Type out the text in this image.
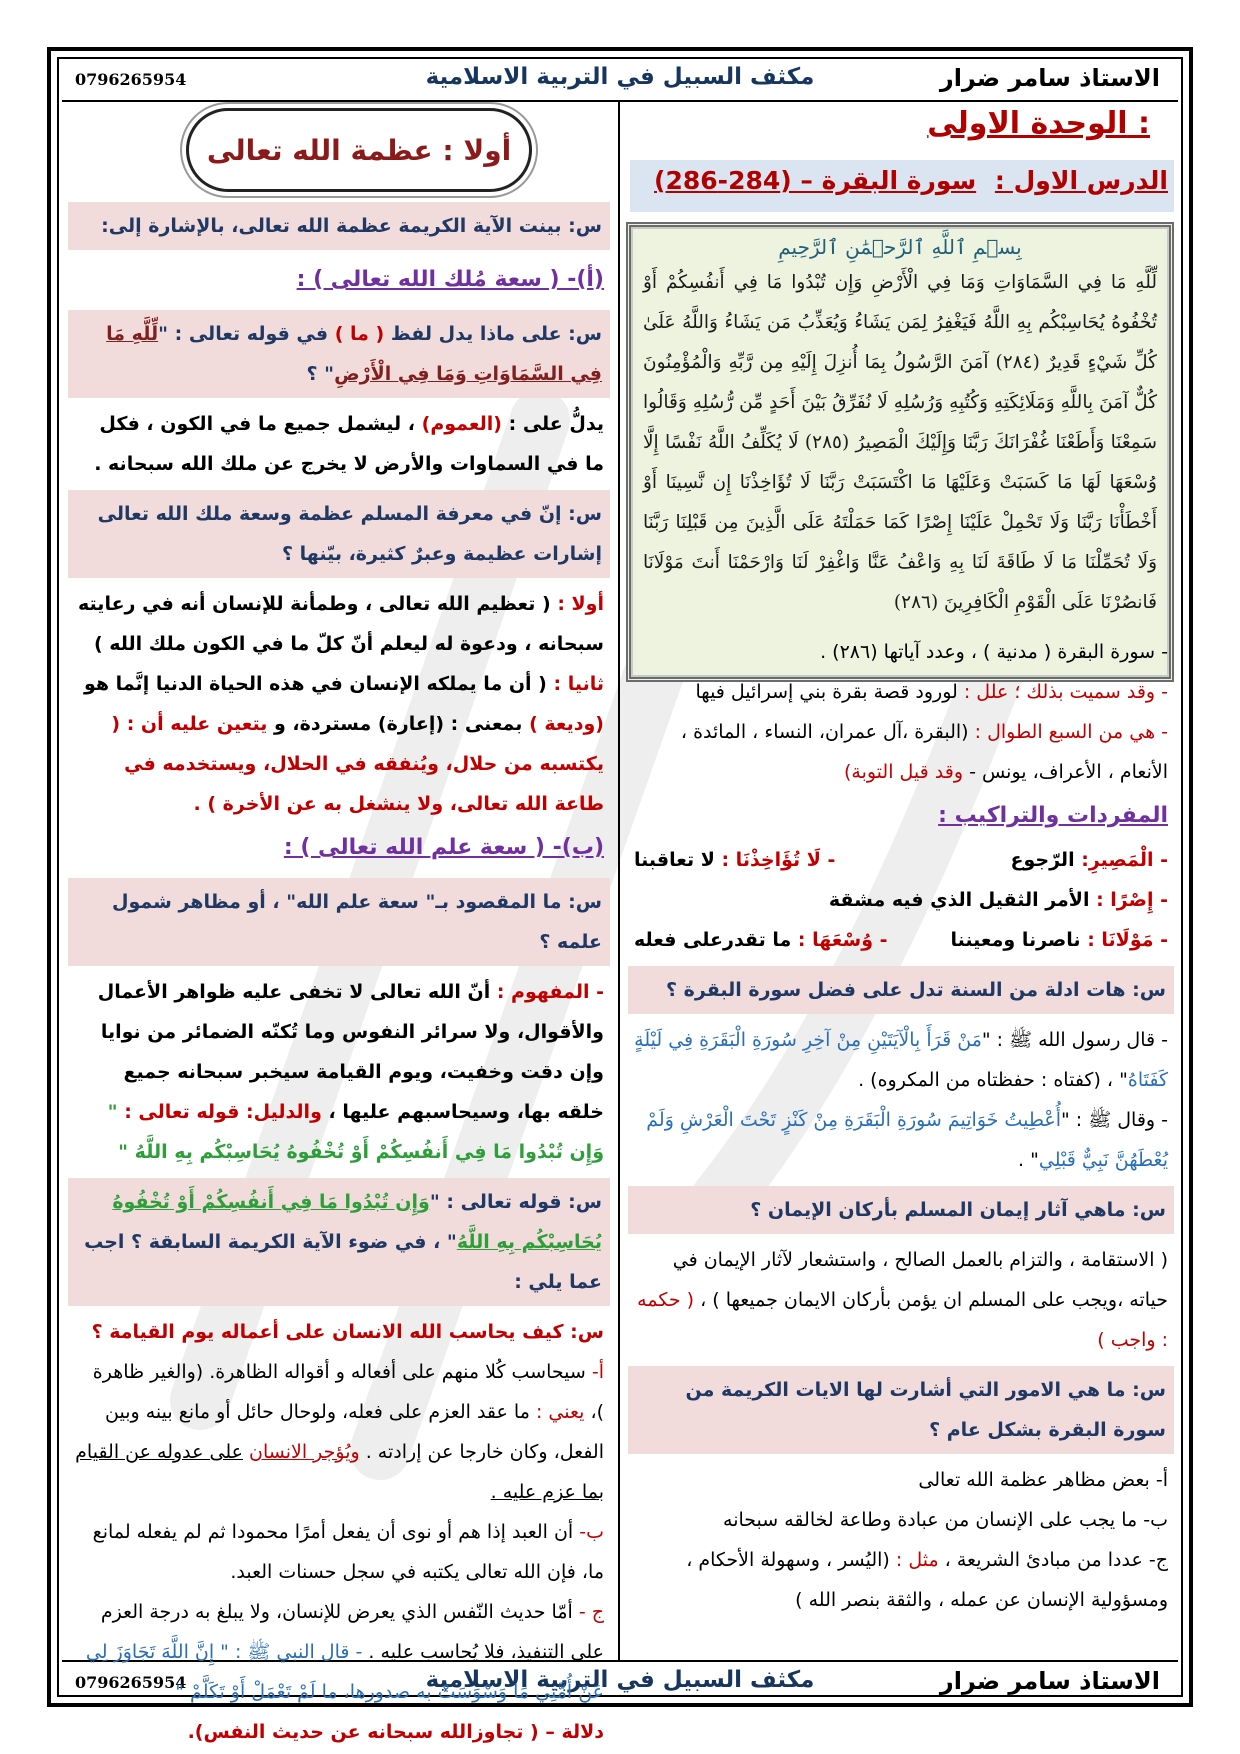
0796265954	مكثف السبيل في التربية الاسلامية	الاستاذ سامر ضرار
0796265954	مكثف السبيل في التربية الاسلامية	الاستاذ سامر ضرار
الوحدة الاولى :
الدرس الاول : سورة البقرة – (284-286)
بِسۡمِ ٱللَّهِ ٱلرَّحۡمَٰنِ ٱلرَّحِيمِ
لِّلَّهِ مَا فِي السَّمَاوَاتِ وَمَا فِي الْأَرْضِ وَإِن تُبْدُوا مَا فِي أَنفُسِكُمْ أَوْ تُخْفُوهُ يُحَاسِبْكُم بِهِ اللَّهُ فَيَغْفِرُ لِمَن يَشَاءُ وَيُعَذِّبُ مَن يَشَاءُ وَاللَّهُ عَلَىٰ كُلِّ شَيْءٍ قَدِيرٌ (٢٨٤) آمَنَ الرَّسُولُ بِمَا أُنزِلَ إِلَيْهِ مِن رَّبِّهِ وَالْمُؤْمِنُونَ كُلٌّ آمَنَ بِاللَّهِ وَمَلَائِكَتِهِ وَكُتُبِهِ وَرُسُلِهِ لَا نُفَرِّقُ بَيْنَ أَحَدٍ مِّن رُّسُلِهِ وَقَالُوا سَمِعْنَا وَأَطَعْنَا غُفْرَانَكَ رَبَّنَا وَإِلَيْكَ الْمَصِيرُ (٢٨٥) لَا يُكَلِّفُ اللَّهُ نَفْسًا إِلَّا وُسْعَهَا لَهَا مَا كَسَبَتْ وَعَلَيْهَا مَا اكْتَسَبَتْ رَبَّنَا لَا تُؤَاخِذْنَا إِن نَّسِينَا أَوْ أَخْطَأْنَا رَبَّنَا وَلَا تَحْمِلْ عَلَيْنَا إِصْرًا كَمَا حَمَلْتَهُ عَلَى الَّذِينَ مِن قَبْلِنَا رَبَّنَا وَلَا تُحَمِّلْنَا مَا لَا طَاقَةَ لَنَا بِهِ وَاعْفُ عَنَّا وَاغْفِرْ لَنَا وَارْحَمْنَا أَنتَ مَوْلَانَا فَانصُرْنَا عَلَى الْقَوْمِ الْكَافِرِينَ (٢٨٦)
- سورة البقرة ( مدنية ) ، وعدد آياتها (٢٨٦) .
- وقد سميت بذلك ؛ علل : لورود قصة بقرة بني إسرائيل فيها
- هي من السبع الطوال : (البقرة ،آل عمران، النساء ، المائدة ، الأنعام ، الأعراف، يونس - وقد قيل التوبة)
المفردات والتراكيب :
- الْمَصِيرِ: الرّجوع
- لَا تُؤَاخِذْنَا : لا تعاقبنا
- إِصْرًا : الأمر الثقيل الذي فيه مشقة
- مَوْلَانَا : ناصرنا ومعيننا
- وُسْعَهَا : ما تقدرعلى فعله
س: هات ادلة من السنة تدل على فضل سورة البقرة ؟
- قال رسول الله ﷺ : "مَنْ قَرَأَ بِالْآيَتَيْنِ مِنْ آخِرِ سُورَةِ الْبَقَرَةِ فِي لَيْلَةٍ كَفَتَاهُ" ، (كفتاه : حفظتاه من المكروه) .
- وقال ﷺ : "أُعْطِيتُ خَوَاتِيمَ سُورَةِ الْبَقَرَةِ مِنْ كَنْزٍ تَحْتَ الْعَرْشِ وَلَمْ يُعْطَهُنَّ نَبِيٌّ قَبْلِي" .
س: ماهي آثار إيمان المسلم بأركان الإيمان ؟
( الاستقامة ، والتزام بالعمل الصالح ، واستشعار لآثار الإيمان في حياته ،ويجب على المسلم ان يؤمن بأركان الايمان جميعها ) ، ( حكمه : واجب )
س: ما هي الامور التي أشارت لها الايات الكريمة من سورة البقرة بشكل عام ؟
أ- بعض مظاهر عظمة الله تعالى
ب- ما يجب على الإنسان من عبادة وطاعة لخالقه سبحانه
ج- عددا من مبادئ الشريعة ، مثل : (اليُسر ، وسهولة الأحكام ، ومسؤولية الإنسان عن عمله ، والثقة بنصر الله )
أولا : عظمة الله تعالى
س: بينت الآية الكريمة عظمة الله تعالى، بالإشارة إلى:
(أ)- ( سعة مُلك الله تعالى ) :
س: على ماذا يدل لفظ ( ما ) في قوله تعالى : "لِّلَّهِ مَا فِي السَّمَاوَاتِ وَمَا فِي الْأَرْضِ" ؟
يدلُّ على : (العموم) ، ليشمل جميع ما في الكون ، فكل ما في السماوات والأرض لا يخرج عن ملك الله سبحانه .
س: إنّ في معرفة المسلم عظمة وسعة ملك الله تعالى إشارات عظيمة وعبرٌ كثيرة، بيّنها ؟
أولا : ( تعظيم الله تعالى ، وطمأنة للإنسان أنه في رعايته سبحانه ، ودعوة له ليعلم أنّ كلّ ما في الكون ملك الله )
ثانيا : ( أن ما يملكه الإنسان في هذه الحياة الدنيا إنَّما هو (وديعة ) بمعنى : (إعارة) مستردة، و يتعين عليه أن : ( يكتسبه من حلال، ويُنفقه في الحلال، ويستخدمه في طاعة الله تعالى، ولا ينشغل به عن الأخرة ) .
(ب)- ( سعة علم الله تعالى ) :
س: ما المقصود بـ" سعة علم الله" ، أو مظاهر شمول علمه ؟
- المفهوم : أنّ الله تعالى لا تخفى عليه ظواهر الأعمال والأقوال، ولا سرائر النفوس وما تُكنّه الضمائر من نوايا وإن دقت وخفيت، ويوم القيامة سيخبر سبحانه جميع خلقه بها، وسيحاسبهم عليها ، والدليل: قوله تعالى : " وَإِن تُبْدُوا مَا فِي أَنفُسِكُمْ أَوْ تُخْفُوهُ يُحَاسِبْكُم بِهِ اللَّهُ "
س: قوله تعالى : "وَإِن تُبْدُوا مَا فِي أَنفُسِكُمْ أَوْ تُخْفُوهُ يُحَاسِبْكُم بِهِ اللَّهُ" ، في ضوء الآية الكريمة السابقة ؟ اجب عما يلي :
س: كيف يحاسب الله الانسان على أعماله يوم القيامة ؟
أ- سيحاسب كُلا منهم على أفعاله و أقواله الظاهرة. (والغير ظاهرة )، يعني : ما عقد العزم على فعله، ولوحال حائل أو مانع بينه وبين الفعل، وكان خارجا عن إرادته . ويُؤجر الانسان على عدوله عن القيام بما عزم عليه .
ب- أن العبد إذا هم أو نوى أن يفعل أمرًا محمودا ثم لم يفعله لمانع ما، فإن الله تعالى يكتبه في سجل حسنات العبد.
ج - أمّا حديث النّفس الذي يعرض للإنسان، ولا يبلغ به درجة العزم على التنفيذ، فلا يُحاسب عليه . - قال النبي ﷺ : " إِنَّ اللَّهَ تَجَاوَزَ لِي عَنْ أُمَّتِي مَا وَسْوَسَتْ به صدورها، ما لَمْ تَعْمَلْ أَوْ تَكَلَّمْ "
دلالة – ( تجاوزالله سبحانه عن حديث النفس).
